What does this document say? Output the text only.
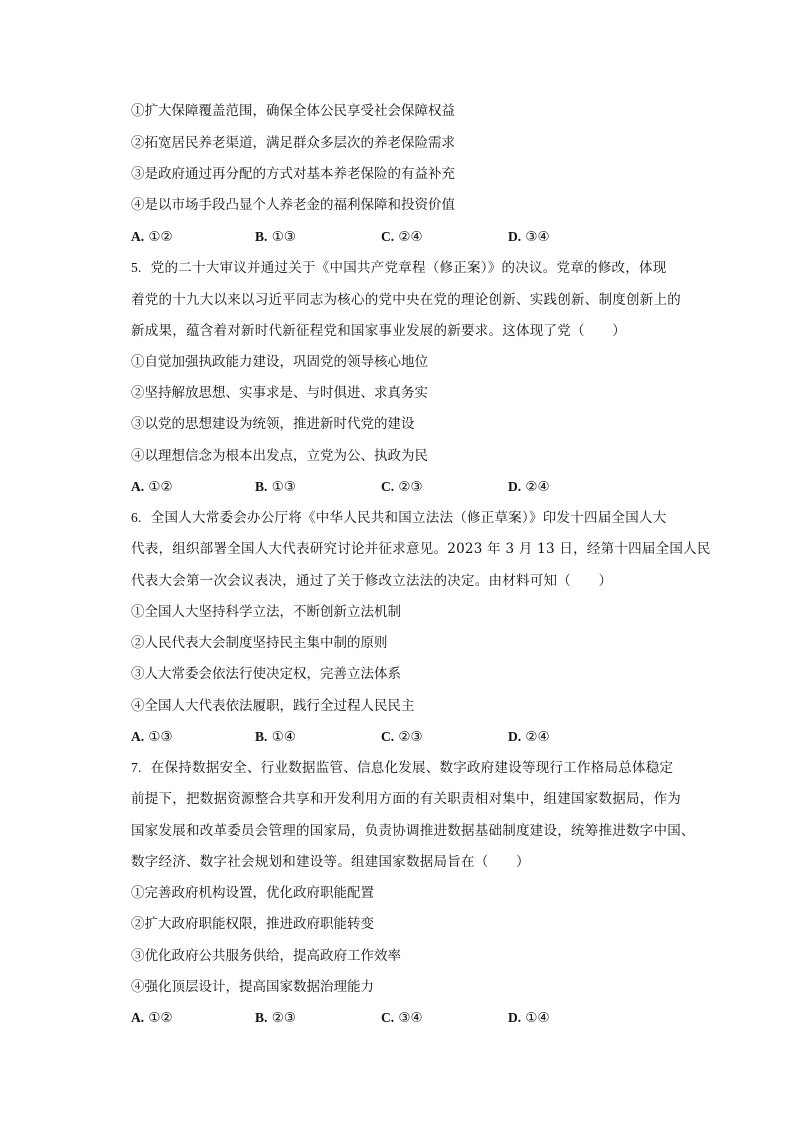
①扩大保障覆盖范围，确保全体公民享受社会保障权益
②拓宽居民养老渠道，满足群众多层次的养老保险需求
③是政府通过再分配的方式对基本养老保险的有益补充
④是以市场手段凸显个人养老金的福利保障和投资价值
A. ①②	B. ①③	C. ②④	D. ③④
5. 党的二十大审议并通过关于《中国共产党章程（修正案）》的决议。党章的修改，体现
着党的十九大以来以习近平同志为核心的党中央在党的理论创新、实践创新、制度创新上的
新成果，蕴含着对新时代新征程党和国家事业发展的新要求。这体现了党（　　）
①自觉加强执政能力建设，巩固党的领导核心地位
②坚持解放思想、实事求是、与时俱进、求真务实
③以党的思想建设为统领，推进新时代党的建设
④以理想信念为根本出发点，立党为公、执政为民
A. ①②	B. ①③	C. ②③	D. ②④
6. 全国人大常委会办公厅将《中华人民共和国立法法（修正草案）》印发十四届全国人大
代表，组织部署全国人大代表研究讨论并征求意见。2023 年 3 月 13 日，经第十四届全国人民
代表大会第一次会议表决，通过了关于修改立法法的决定。由材料可知（　　）
①全国人大坚持科学立法，不断创新立法机制
②人民代表大会制度坚持民主集中制的原则
③人大常委会依法行使决定权，完善立法体系
④全国人大代表依法履职，践行全过程人民民主
A. ①③	B. ①④	C. ②③	D. ②④
7. 在保持数据安全、行业数据监管、信息化发展、数字政府建设等现行工作格局总体稳定
前提下，把数据资源整合共享和开发利用方面的有关职责相对集中，组建国家数据局，作为
国家发展和改革委员会管理的国家局，负责协调推进数据基础制度建设，统筹推进数字中国、
数字经济、数字社会规划和建设等。组建国家数据局旨在（　　）
①完善政府机构设置，优化政府职能配置
②扩大政府职能权限，推进政府职能转变
③优化政府公共服务供给，提高政府工作效率
④强化顶层设计，提高国家数据治理能力
A. ①②	B. ②③	C. ③④	D. ①④
